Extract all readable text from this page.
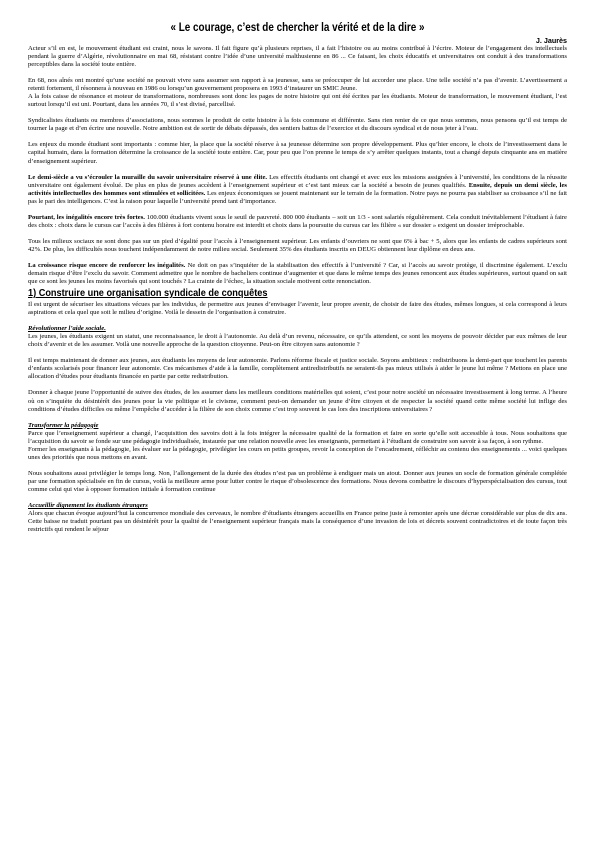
« Le courage, c’est de chercher la vérité et de la dire »
J. Jaurès

Acteur s’il en est, le mouvement étudiant est craint, nous le savons. Il fait figure qu’à plusieurs reprises, il a fait l’histoire ou au moins contribué à l’écrire. Moteur de l’engagement des intellectuels pendant la guerre d’Algérie, révolutionnaire en mai 68, résistant contre l’idée d’une université malthusienne en 86 ... Ce faisant, les choix éducatifs et universitaires ont conduit à des transformations perceptibles dans la société toute entière.

En 68, nos aînés ont montré qu’une société ne pouvait vivre sans assumer son rapport à sa jeunesse, sans se préoccuper de lui accorder une place. Une telle société n’a pas d’avenir. L’avertissement a retenti fortement, il résonnera à nouveau en 1986 ou lorsqu’un gouvernement proposera en 1993 d’instaurer un SMIC Jeune.

A la fois caisse de résonance et moteur de transformations, nombreuses sont donc les pages de notre histoire qui ont été écrites par les étudiants. Moteur de transformation, le mouvement étudiant, l’est surtout lorsqu’il est uni. Pourtant, dans les années 70, il s’est divisé, parcellisé.

Syndicalistes étudiants ou membres d’associations, nous sommes le produit de cette histoire à la fois commune et différente. Sans rien renier de ce que nous sommes, nous pensons qu’il est temps de tourner la page et d’en écrire une nouvelle. Notre ambition est de sortir de débats dépassés, des sentiers battus de l’exercice et du discours syndical et de nous jeter à l’eau.

Les enjeux du monde étudiant sont importants : comme hier, la place que la société réserve à sa jeunesse détermine son propre développement. Plus qu’hier encore, le choix de l’investissement dans le capital humain, dans la formation détermine la croissance de la société toute entière. Car, pour peu que l’on prenne le temps de s’y arrêter quelques instants, tout a changé depuis cinquante ans en matière d’enseignement supérieur.

Le demi-siècle a vu s’écrouler la muraille du savoir universitaire réservé à une élite. Les effectifs étudiants ont changé et avec eux les missions assignées à l’université, les conditions de la réussite universitaire ont également évolué. De plus en plus de jeunes accèdent à l’enseignement supérieur et c’est tant mieux car la société a besoin de jeunes qualifiés. Ensuite, depuis un demi siècle, les activités intellectuelles des hommes sont stimulées et sollicitées. Les enjeux économiques se jouent maintenant sur le terrain de la formation. Notre pays ne pourra pas stabiliser sa croissance s’il ne fait pas le pari des intelligences. C’est la raison pour laquelle l’université prend tant d’importance.

Pourtant, les inégalités encore très fortes. 100.000 étudiants vivent sous le seuil de pauvreté. 800 000 étudiants – soit un 1/3 - sont salariés régulièrement. Cela conduit inévitablement l’étudiant à faire des choix : choix dans le cursus car l’accès à des filières à fort contenu horaire est interdit et choix dans la poursuite du cursus car les filière « sur dossier » exigent un dossier irréprochable.

Tous les milieux sociaux ne sont donc pas sur un pied d’égalité pour l’accès à l’enseignement supérieur. Les enfants d’ouvriers ne sont que 6% à bac + 5, alors que les enfants de cadres supérieurs sont 42%. De plus, les difficultés nous touchent indépendamment de notre milieu social. Seulement 35% des étudiants inscrits en DEUG obtiennent leur diplôme en deux ans.

La croissance risque encore de renforcer les inégalités. Ne doit on pas s’inquiéter de la stabilisation des effectifs à l’université ? Car, si l’accès au savoir protège, il discrimine également. L’exclu demain risque d’être l’exclu du savoir. Comment admettre que le nombre de bacheliers continue d’augmenter et que dans le même temps des jeunes renoncent aux études supérieures, surtout quand on sait que ce sont les jeunes les moins favorisés qui sont touchés ? La crainte de l’échec, la situation sociale motivent cette renonciation.

1) Construire une organisation syndicale de conquêtes

Il est urgent de sécuriser les situations vécues par les individus, de permettre aux jeunes d’envisager l’avenir, leur propre avenir, de choisir de faire des études, mêmes longues, si cela correspond à leurs aspirations et cela quel que soit le milieu d’origine. Voilà le dessein de l’organisation à construire.

Révolutionner l’aide sociale.

Les jeunes, les étudiants exigent un statut, une reconnaissance, le droit à l’autonomie. Au delà d’un revenu, nécessaire, ce qu’ils attendent, ce sont les moyens de pouvoir décider par eux mêmes de leur choix d’avenir et de les assumer. Voilà une nouvelle approche de la question citoyenne. Peut-on être citoyen sans autonomie ?

Il est temps maintenant de donner aux jeunes, aux étudiants les moyens de leur autonomie. Parlons réforme fiscale et justice sociale. Soyons ambitieux : redistribuons la demi-part que touchent les parents d’enfants scolarisés pour financer leur autonomie. Ces mécanismes d’aide à la famille, complètement antiredistributifs ne seraient-ils pas mieux utilisés à aider le jeune lui même ? Mettons en place une allocation d’études pour étudiants financée en partie par cette redistribution.

Donner à chaque jeune l’opportunité de suivre des études, de les assumer dans les meilleurs conditions matérielles qui soient, c’est pour notre société un nécessaire investissement à long terme. A l’heure où on s’inquiète du désintérêt des jeunes pour la vie politique et le civisme, comment peut-on demander un jeune d’être citoyen et de respecter la société quand cette même société lui inflige des conditions d’études difficiles ou même l’empêche d’accéder à la filière de son choix comme c’est trop souvent le cas lors des inscriptions universitaires ?

Transformer la pédagogie

Parce que l’enseignement supérieur a changé, l’acquisition des savoirs doit à la fois intégrer la nécessaire qualité de la formation et faire en sorte qu’elle soit accessible à tous. Nous souhaitons que l’acquisition du savoir se fonde sur une pédagogie individualisée, instaurée par une relation nouvelle avec les enseignants, permettant à l’étudiant de construire son savoir à sa façon, à son rythme.

Former les enseignants à la pédagogie, les évaluer sur la pédagogie, privilégier les cours en petits groupes, revoir la conception de l’encadrement, réfléchir au contenu des enseignements ... voici quelques unes des priorités que nous mettons en avant.

Nous souhaitons aussi privilégier le temps long. Non, l’allongement de la durée des études n’est pas un problème à endiguer mais un atout. Donner aux jeunes un socle de formation générale complétée par une formation spécialisée en fin de cursus, voilà la meilleure arme pour lutter contre le risque d’obsolescence des formations. Nous devons combattre le discours d’hyperspécialisation des cursus, tout comme celui qui vise à opposer formation initiale à formation continue

Accueillir dignement les étudiants étrangers

Alors que chacun évoque aujourd’hui la concurrence mondiale des cerveaux, le nombre d’étudiants étrangers accueillis en France peine juste à remonter après une décrue considérable sur plus de dix ans. Cette baisse ne traduit pourtant pas un désintérêt pour la qualité de l’enseignement supérieur français mais la conséquence d’une invasion de lois et décrets souvent contradictoires et de toute façon très restrictifs qui rendent le séjour
